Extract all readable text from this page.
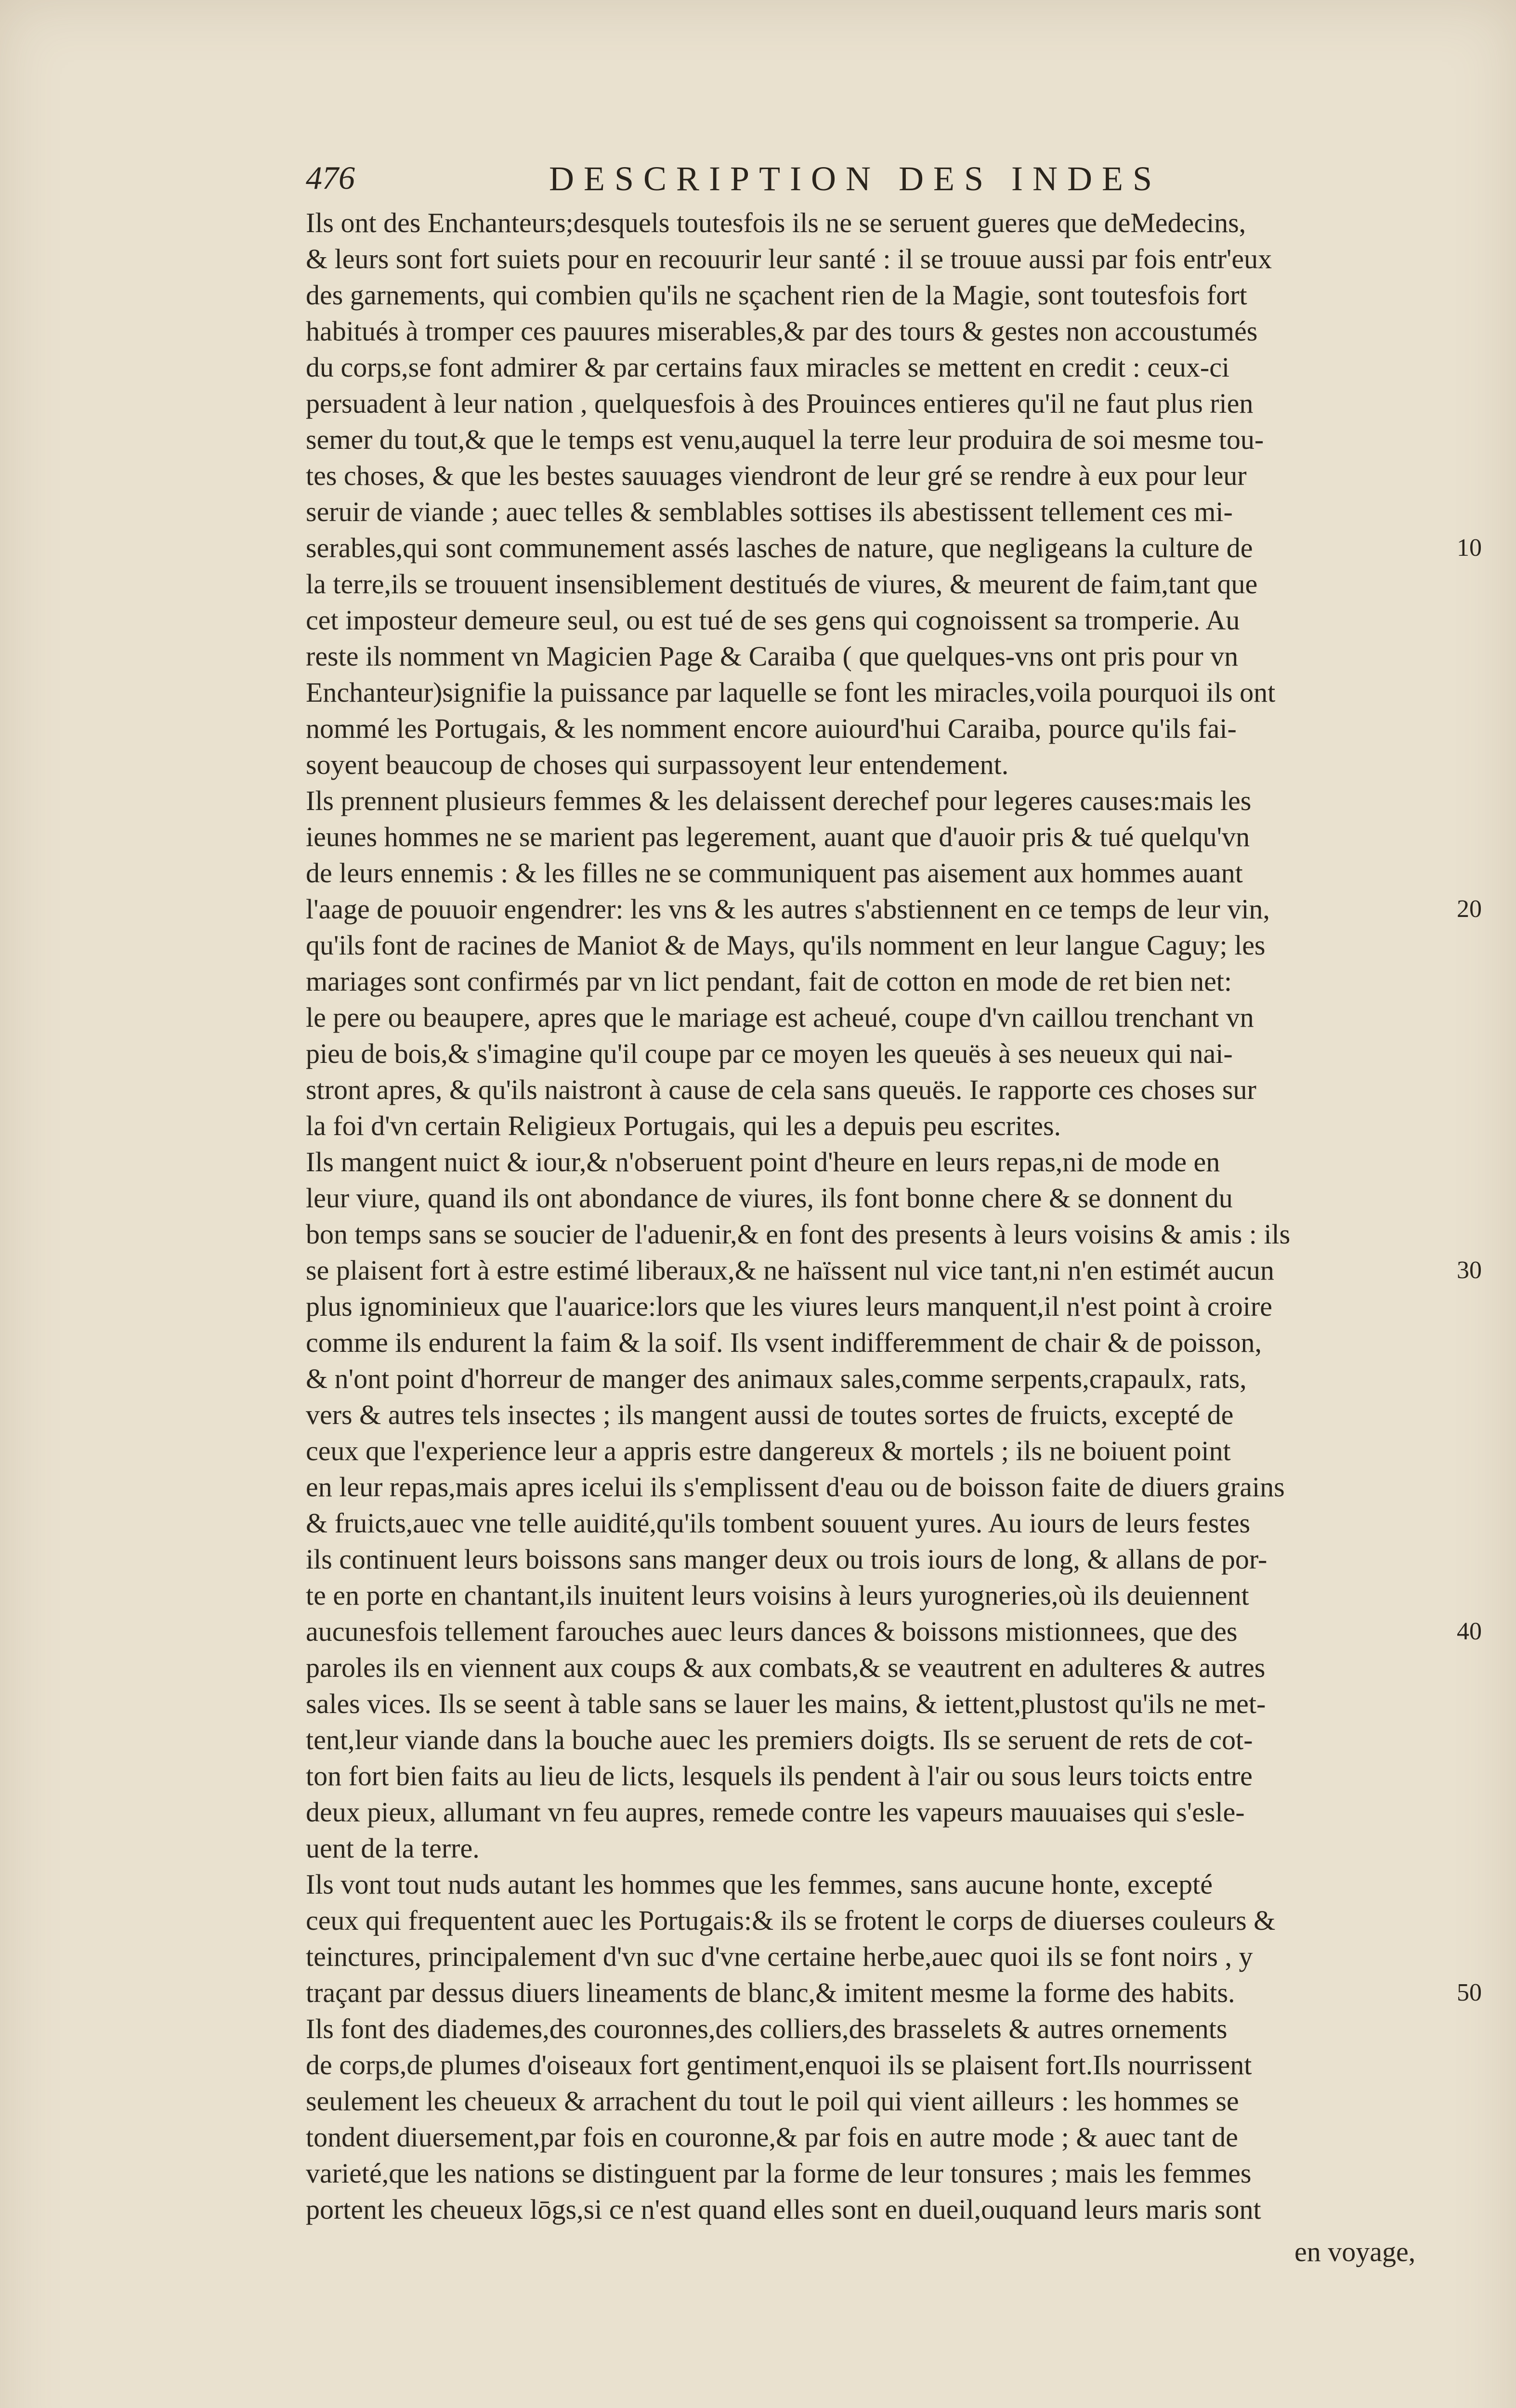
476	DESCRIPTION DES INDES
Ils ont des Enchanteurs;desquels toutesfois ils ne se seruent gueres que deMedecins,
& leurs sont fort suiets pour en recouurir leur santé : il se trouue aussi par fois entr'eux
des garnements, qui combien qu'ils ne sçachent rien de la Magie, sont toutesfois fort
habitués à tromper ces pauures miserables,& par des tours & gestes non accoustumés
du corps,se font admirer & par certains faux miracles se mettent en credit : ceux-ci
persuadent à leur nation , quelquesfois à des Prouinces entieres qu'il ne faut plus rien
semer du tout,& que le temps est venu,auquel la terre leur produira de soi mesme tou-
tes choses, & que les bestes sauuages viendront de leur gré se rendre à eux pour leur
seruir de viande ; auec telles & semblables sottises ils abestissent tellement ces mi-
serables,qui sont communement assés lasches de nature, que negligeans la culture de	10
la terre,ils se trouuent insensiblement destitués de viures, & meurent de faim,tant que
cet imposteur demeure seul, ou est tué de ses gens qui cognoissent sa tromperie. Au
reste ils nomment vn Magicien Page & Caraiba ( que quelques-vns ont pris pour vn
Enchanteur)signifie la puissance par laquelle se font les miracles,voila pourquoi ils ont
nommé les Portugais, & les nomment encore auiourd'hui Caraiba, pource qu'ils fai-
soyent beaucoup de choses qui surpassoyent leur entendement.
Ils prennent plusieurs femmes & les delaissent derechef pour legeres causes:mais les
ieunes hommes ne se marient pas legerement, auant que d'auoir pris & tué quelqu'vn
de leurs ennemis : & les filles ne se communiquent pas aisement aux hommes auant
l'aage de pouuoir engendrer: les vns & les autres s'abstiennent en ce temps de leur vin,	20
qu'ils font de racines de Maniot & de Mays, qu'ils nomment en leur langue Caguy; les
mariages sont confirmés par vn lict pendant, fait de cotton en mode de ret bien net:
le pere ou beaupere, apres que le mariage est acheué, coupe d'vn caillou trenchant vn
pieu de bois,& s'imagine qu'il coupe par ce moyen les queuës à ses neueux qui nai-
stront apres, & qu'ils naistront à cause de cela sans queuës. Ie rapporte ces choses sur
la foi d'vn certain Religieux Portugais, qui les a depuis peu escrites.
Ils mangent nuict & iour,& n'obseruent point d'heure en leurs repas,ni de mode en
leur viure, quand ils ont abondance de viures, ils font bonne chere & se donnent du
bon temps sans se soucier de l'aduenir,& en font des presents à leurs voisins & amis : ils
se plaisent fort à estre estimé liberaux,& ne haïssent nul vice tant,ni n'en estimét aucun	30
plus ignominieux que l'auarice:lors que les viures leurs manquent,il n'est point à croire
comme ils endurent la faim & la soif. Ils vsent indifferemment de chair & de poisson,
& n'ont point d'horreur de manger des animaux sales,comme serpents,crapaulx, rats,
vers & autres tels insectes ; ils mangent aussi de toutes sortes de fruicts, excepté de
ceux que l'experience leur a appris estre dangereux & mortels ; ils ne boiuent point
en leur repas,mais apres icelui ils s'emplissent d'eau ou de boisson faite de diuers grains
& fruicts,auec vne telle auidité,qu'ils tombent souuent yures. Au iours de leurs festes
ils continuent leurs boissons sans manger deux ou trois iours de long, & allans de por-
te en porte en chantant,ils inuitent leurs voisins à leurs yurogneries,où ils deuiennent
aucunesfois tellement farouches auec leurs dances & boissons mistionnees, que des	40
paroles ils en viennent aux coups & aux combats,& se veautrent en adulteres & autres
sales vices. Ils se seent à table sans se lauer les mains, & iettent,plustost qu'ils ne met-
tent,leur viande dans la bouche auec les premiers doigts. Ils se seruent de rets de cot-
ton fort bien faits au lieu de licts, lesquels ils pendent à l'air ou sous leurs toicts entre
deux pieux, allumant vn feu aupres, remede contre les vapeurs mauuaises qui s'esle-
uent de la terre.
Ils vont tout nuds autant les hommes que les femmes, sans aucune honte, excepté
ceux qui frequentent auec les Portugais:& ils se frotent le corps de diuerses couleurs &
teinctures, principalement d'vn suc d'vne certaine herbe,auec quoi ils se font noirs , y
traçant par dessus diuers lineaments de blanc,& imitent mesme la forme des habits.	50
Ils font des diademes,des couronnes,des colliers,des brasselets & autres ornements
de corps,de plumes d'oiseaux fort gentiment,enquoi ils se plaisent fort.Ils nourrissent
seulement les cheueux & arrachent du tout le poil qui vient ailleurs : les hommes se
tondent diuersement,par fois en couronne,& par fois en autre mode ; & auec tant de
varieté,que les nations se distinguent par la forme de leur tonsures ; mais les femmes
portent les cheueux lōgs,si ce n'est quand elles sont en dueil,ouquand leurs maris sont
en voyage,
